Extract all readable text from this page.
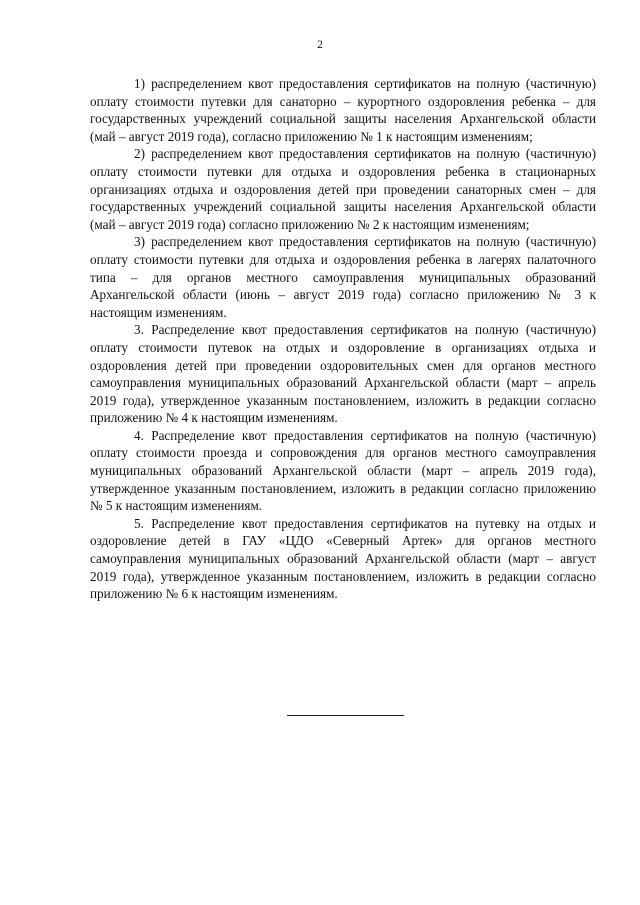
2

1) распределением квот предоставления сертификатов на полную (частичную) оплату стоимости путевки для санаторно – курортного оздоровления ребенка – для государственных учреждений социальной защиты населения Архангельской области (май – август 2019 года), согласно приложению № 1 к настоящим изменениям;

2) распределением квот предоставления сертификатов на полную (частичную) оплату стоимости путевки для отдыха и оздоровления ребенка в стационарных организациях отдыха и оздоровления детей при проведении санаторных смен – для государственных учреждений социальной защиты населения Архангельской области (май – август 2019 года) согласно приложению № 2 к настоящим изменениям;

3) распределением квот предоставления сертификатов на полную (частичную) оплату стоимости путевки для отдыха и оздоровления ребенка в лагерях палаточного типа – для органов местного самоуправления муниципальных образований Архангельской области (июнь – август 2019 года) согласно приложению № 3 к настоящим изменениям.

3. Распределение квот предоставления сертификатов на полную (частичную) оплату стоимости путевок на отдых и оздоровление в организациях отдыха и оздоровления детей при проведении оздоровительных смен для органов местного самоуправления муниципальных образований Архангельской области (март – апрель 2019 года), утвержденное указанным постановлением, изложить в редакции согласно приложению № 4 к настоящим изменениям.

4. Распределение квот предоставления сертификатов на полную (частичную) оплату стоимости проезда и сопровождения для органов местного самоуправления муниципальных образований Архангельской области (март – апрель 2019 года), утвержденное указанным постановлением, изложить в редакции согласно приложению № 5 к настоящим изменениям.

5. Распределение квот предоставления сертификатов на путевку на отдых и оздоровление детей в ГАУ «ЦДО «Северный Артек» для органов местного самоуправления муниципальных образований Архангельской области (март – август 2019 года), утвержденное указанным постановлением, изложить в редакции согласно приложению № 6 к настоящим изменениям.
